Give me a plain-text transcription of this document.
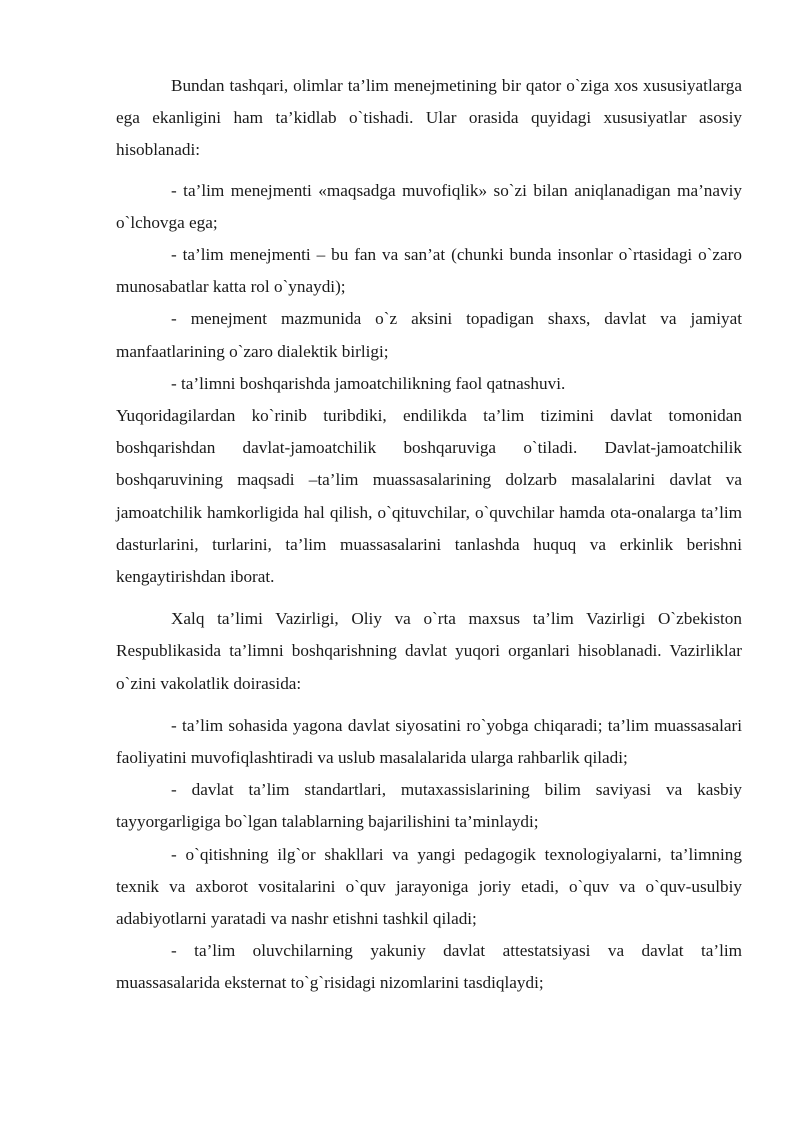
Bundan tashqari, olimlar ta’lim menejmetining bir qator o`ziga xos xususiyatlarga ega ekanligini ham ta’kidlab o`tishadi. Ular orasida quyidagi xususiyatlar asosiy hisoblanadi:

- ta’lim menejmenti «maqsadga muvofiqlik» so`zi bilan aniqlanadigan ma’naviy o`lchovga ega;

- ta’lim menejmenti – bu fan va san’at (chunki bunda insonlar o`rtasidagi o`zaro munosabatlar katta rol o`ynaydi);

- menejment mazmunida o`z aksini topadigan shaxs, davlat va jamiyat manfaatlarining o`zaro dialektik birligi;

- ta’limni boshqarishda jamoatchilikning faol qatnashuvi.

Yuqoridagilardan ko`rinib turibdiki, endilikda ta’lim tizimini davlat tomonidan boshqarishdan davlat-jamoatchilik boshqaruviga o`tiladi. Davlat-jamoatchilik boshqaruvining maqsadi –ta’lim muassasalarining dolzarb masalalarini davlat va jamoatchilik hamkorligida hal qilish, o`qituvchilar, o`quvchilar hamda ota-onalarga ta’lim dasturlarini, turlarini, ta’lim muassasalarini tanlashda huquq va erkinlik berishni kengaytirishdan iborat.

Xalq ta’limi Vazirligi, Oliy va o`rta maxsus ta’lim Vazirligi O`zbekiston Respublikasida ta’limni boshqarishning davlat yuqori organlari hisoblanadi. Vazirliklar o`zini vakolatlik doirasida:

- ta’lim sohasida yagona davlat siyosatini ro`yobga chiqaradi; ta’lim muassasalari faoliyatini muvofiqlashtiradi va uslub masalalarida ularga rahbarlik qiladi;

- davlat ta’lim standartlari, mutaxassislarining bilim saviyasi va kasbiy tayyorgarligiga bo`lgan talablarning bajarilishini ta’minlaydi;

- o`qitishning ilg`or shakllari va yangi pedagogik texnologiyalarni, ta’limning texnik va axborot vositalarini o`quv jarayoniga joriy etadi, o`quv va o`quv-usulbiy adabiyotlarni yaratadi va nashr etishni tashkil qiladi;

- ta’lim oluvchilarning yakuniy davlat attestatsiyasi va davlat ta’lim muassasalarida eksternat to`g`risidagi nizomlarini tasdiqlaydi;
